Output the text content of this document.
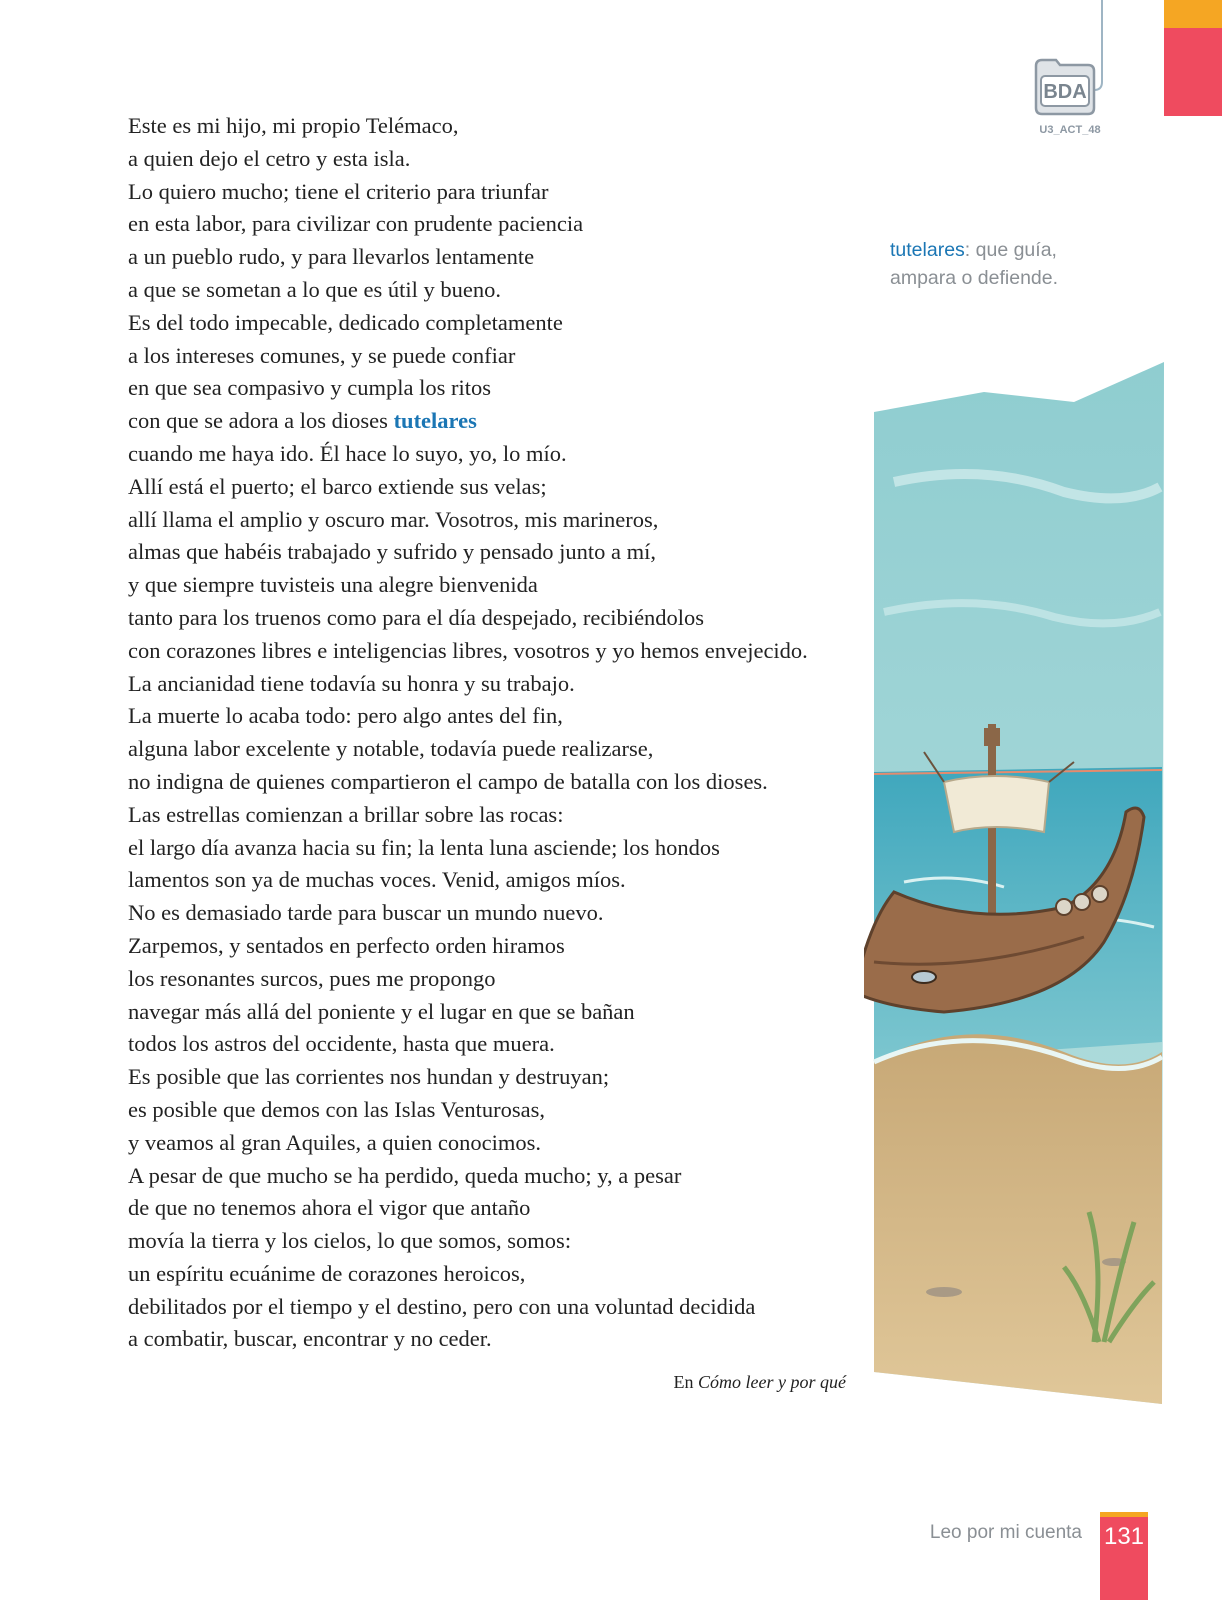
BDA
U3_ACT_48
Este es mi hijo, mi propio Telémaco,
a quien dejo el cetro y esta isla.
Lo quiero mucho; tiene el criterio para triunfar
en esta labor, para civilizar con prudente paciencia
a un pueblo rudo, y para llevarlos lentamente
a que se sometan a lo que es útil y bueno.
Es del todo impecable, dedicado completamente
a los intereses comunes, y se puede confiar
en que sea compasivo y cumpla los ritos
con que se adora a los dioses tutelares
cuando me haya ido. Él hace lo suyo, yo, lo mío.
Allí está el puerto; el barco extiende sus velas;
allí llama el amplio y oscuro mar. Vosotros, mis marineros,
almas que habéis trabajado y sufrido y pensado junto a mí,
y que siempre tuvisteis una alegre bienvenida
tanto para los truenos como para el día despejado, recibiéndolos
con corazones libres e inteligencias libres, vosotros y yo hemos envejecido.
La ancianidad tiene todavía su honra y su trabajo.
La muerte lo acaba todo: pero algo antes del fin,
alguna labor excelente y notable, todavía puede realizarse,
no indigna de quienes compartieron el campo de batalla con los dioses.
Las estrellas comienzan a brillar sobre las rocas:
el largo día avanza hacia su fin; la lenta luna asciende; los hondos
lamentos son ya de muchas voces. Venid, amigos míos.
No es demasiado tarde para buscar un mundo nuevo.
Zarpemos, y sentados en perfecto orden hiramos
los resonantes surcos, pues me propongo
navegar más allá del poniente y el lugar en que se bañan
todos los astros del occidente, hasta que muera.
Es posible que las corrientes nos hundan y destruyan;
es posible que demos con las Islas Venturosas,
y veamos al gran Aquiles, a quien conocimos.
A pesar de que mucho se ha perdido, queda mucho; y, a pesar
de que no tenemos ahora el vigor que antaño
movía la tierra y los cielos, lo que somos, somos:
un espíritu ecuánime de corazones heroicos,
debilitados por el tiempo y el destino, pero con una voluntad decidida
a combatir, buscar, encontrar y no ceder.
En Cómo leer y por qué
tutelares: que guía, ampara o defiende.
Leo por mi cuenta 131
